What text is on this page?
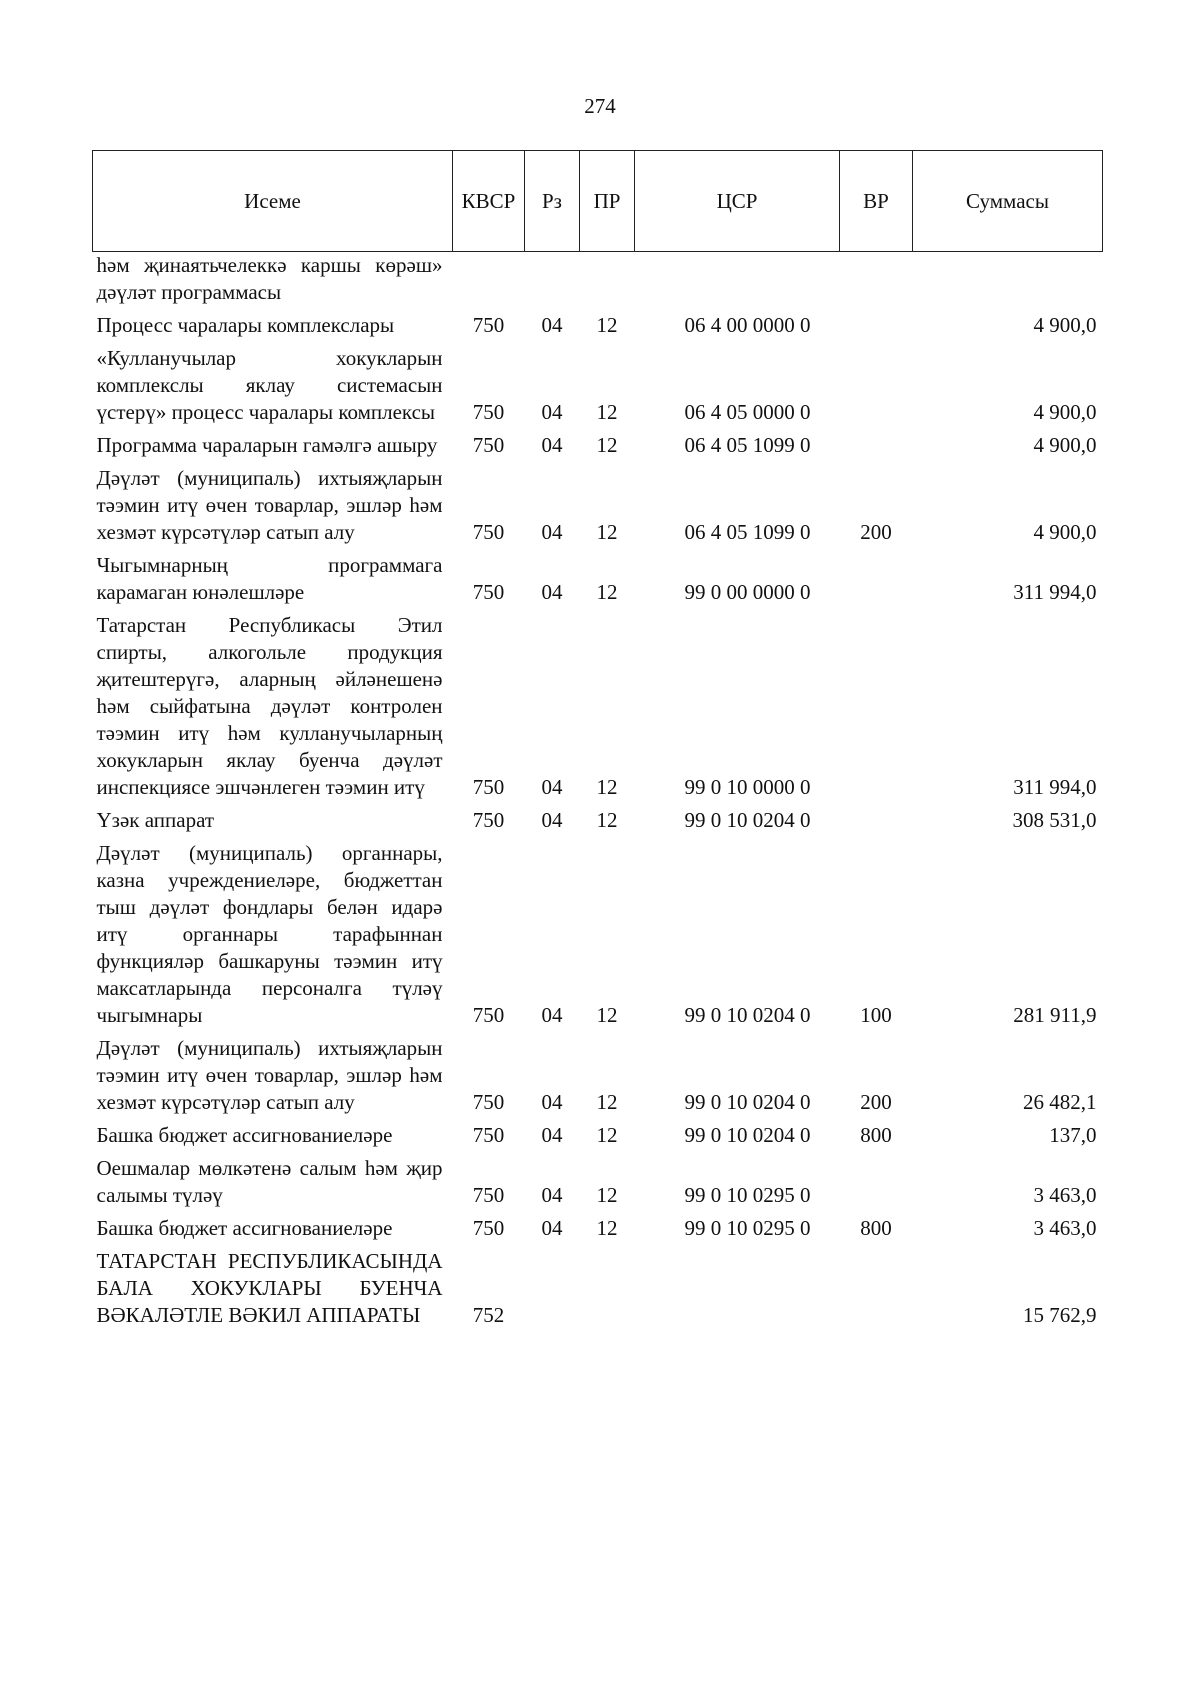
274
Исеме	КВСР	Рз	ПР	ЦСР	ВР	Суммасы
һәм җинаятьчелеккә каршы көрәш» дәүләт программасы						
Процесс чаралары комплекслары	750	04	12	06 4 00 0000 0		4 900,0
«Кулланучылар хокукларын комплекслы яклау системасын үстерү» процесс чаралары комплексы	750	04	12	06 4 05 0000 0		4 900,0
Программа чараларын гамәлгә ашыру	750	04	12	06 4 05 1099 0		4 900,0
Дәүләт (муниципаль) ихтыяҗларын тәэмин итү өчен товарлар, эшләр һәм хезмәт күрсәтүләр сатып алу	750	04	12	06 4 05 1099 0	200	4 900,0
Чыгымнарның программага карамаган юнәлешләре	750	04	12	99 0 00 0000 0		311 994,0
Татарстан Республикасы Этил спирты, алкогольле продукция җитештерүгә, аларның әйләнешенә һәм сыйфатына дәүләт контролен тәэмин итү һәм кулланучыларның хокукларын яклау буенча дәүләт инспекциясе эшчәнлеген тәэмин итү	750	04	12	99 0 10 0000 0		311 994,0
Үзәк аппарат	750	04	12	99 0 10 0204 0		308 531,0
Дәүләт (муниципаль) органнары, казна учреждениеләре, бюджеттан тыш дәүләт фондлары белән идарә итү органнары тарафыннан функцияләр башкаруны тәэмин итү максатларында персоналга түләү чыгымнары	750	04	12	99 0 10 0204 0	100	281 911,9
Дәүләт (муниципаль) ихтыяҗларын тәэмин итү өчен товарлар, эшләр һәм хезмәт күрсәтүләр сатып алу	750	04	12	99 0 10 0204 0	200	26 482,1
Башка бюджет ассигнованиеләре	750	04	12	99 0 10 0204 0	800	137,0
Оешмалар мөлкәтенә салым һәм җир салымы түләү	750	04	12	99 0 10 0295 0		3 463,0
Башка бюджет ассигнованиеләре	750	04	12	99 0 10 0295 0	800	3 463,0
ТАТАРСТАН РЕСПУБЛИКАСЫНДА БАЛА ХОКУКЛАРЫ БУЕНЧА ВӘКАЛӘТЛЕ ВӘКИЛ АППАРАТЫ	752					15 762,9
